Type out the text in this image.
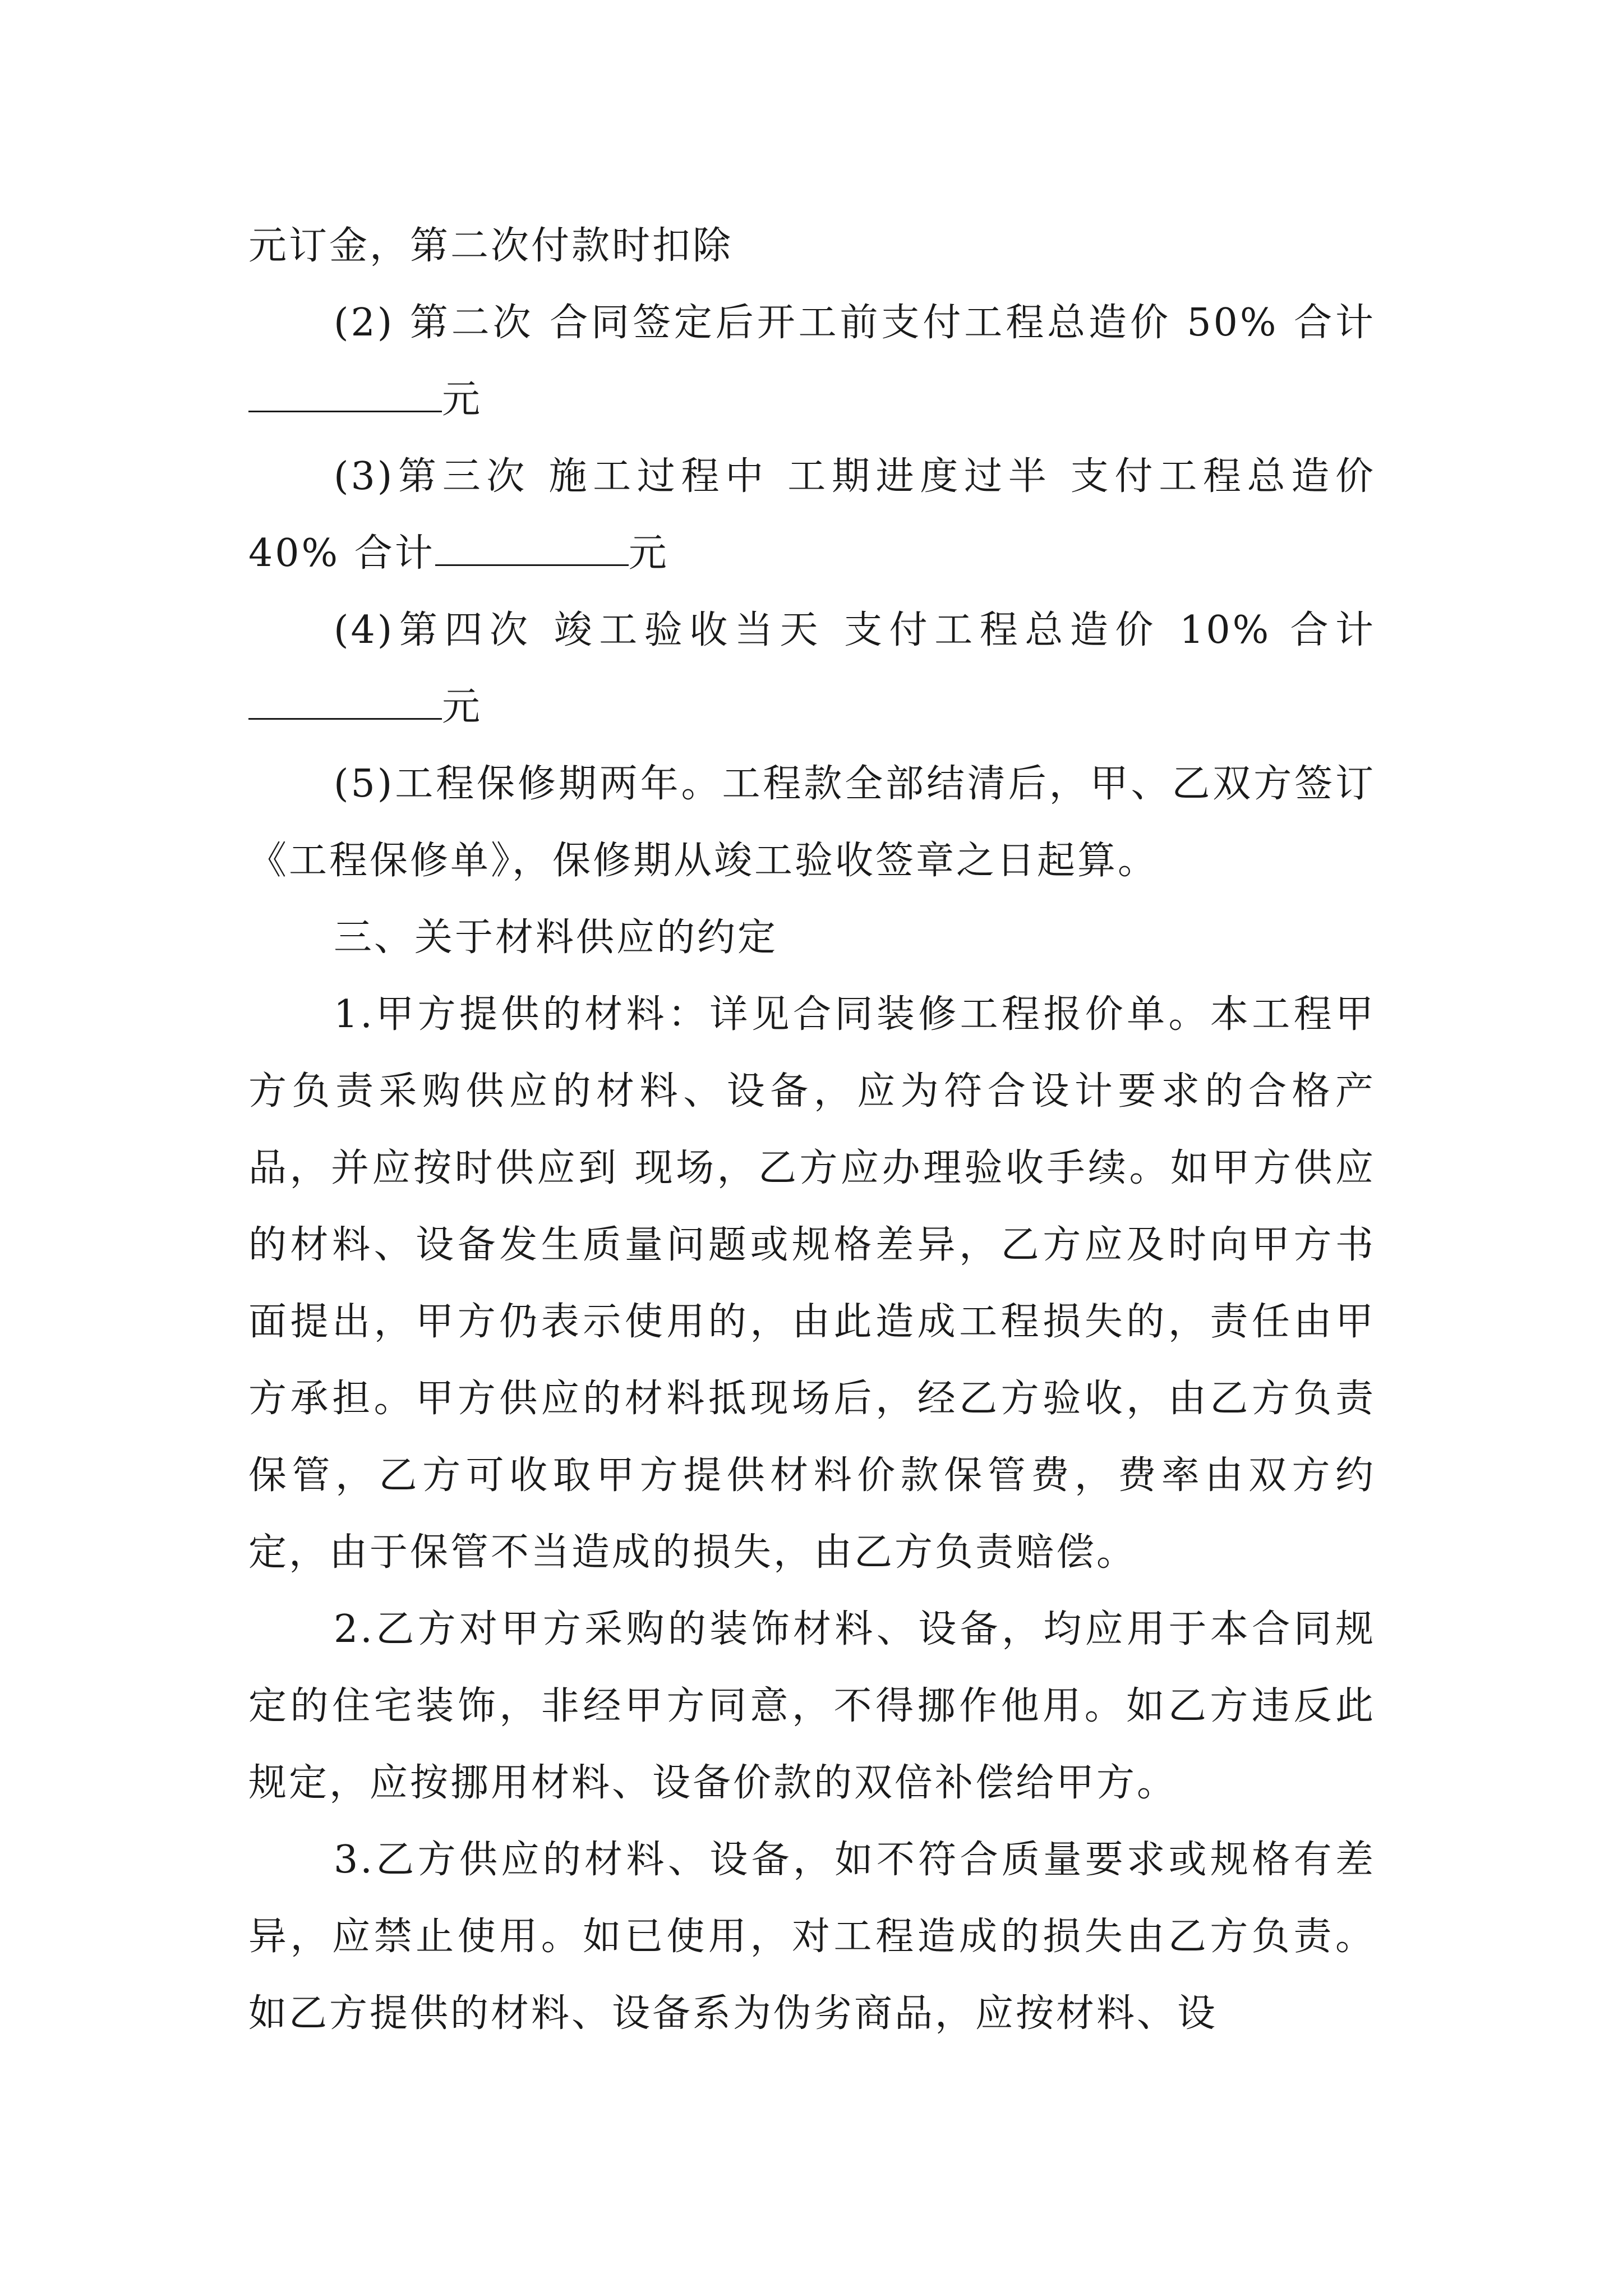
元订金，第二次付款时扣除

(2) 第二次 合同签定后开工前支付工程总造价 50% 合计元

(3)第三次 施工过程中 工期进度过半 支付工程总造价 40% 合计	元

(4)第四次 竣工验收当天 支付工程总造价 10% 合计元

(5)工程保修期两年。工程款全部结清后，甲、乙双方签订《工程保修单》，保修期从竣工验收签章之日起算。

三、关于材料供应的约定

1.甲方提供的材料：详见合同装修工程报价单。本工程甲方负责采购供应的材料、设备，应为符合设计要求的合格产品，并应按时供应到 现场，乙方应办理验收手续。如甲方供应的材料、设备发生质量问题或规格差异，乙方应及时向甲方书面提出，甲方仍表示使用的，由此造成工程损失的，责任由甲 方承担。甲方供应的材料抵现场后，经乙方验收，由乙方负责保管，乙方可收取甲方提供材料价款保管费，费率由双方约定，由于保管不当造成的损失，由乙方负责赔偿。

2.乙方对甲方采购的装饰材料、设备，均应用于本合同规定的住宅装饰，非经甲方同意，不得挪作他用。如乙方违反此规定，应按挪用材料、设备价款的双倍补偿给甲方。

3.乙方供应的材料、设备，如不符合质量要求或规格有差异，应禁止使用。如已使用，对工程造成的损失由乙方负责。如乙方提供的材料、设备系为伪劣商品，应按材料、设
